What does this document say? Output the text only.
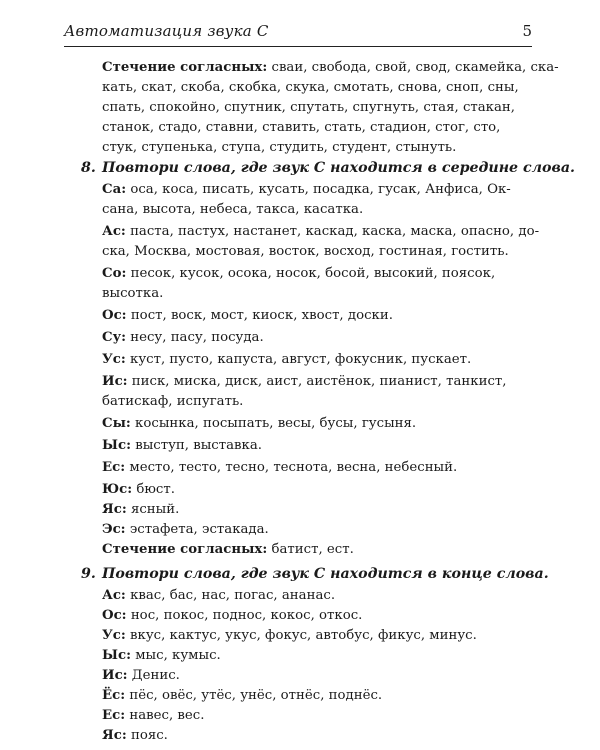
Автоматизация звука С	5
Стечение согласных: сваи, свобода, свой, свод, скамейка, ска-
кать, скат, скоба, скобка, скука, смотать, снова, сноп, сны,
спать, спокойно, спутник, спутать, спугнуть, стая, стакан,
станок, стадо, ставни, ставить, стать, стадион, стог, сто,
стук, ступенька, ступа, студить, студент, стынуть.
8. Повтори слова, где звук С находится в середине слова.
Са: оса, коса, писать, кусать, посадка, гусак, Анфиса, Ок-
сана, высота, небеса, такса, касатка.
Ас: паста, пастух, настанет, каскад, каска, маска, опасно, до-
ска, Москва, мостовая, восток, восход, гостиная, гостить.
Со: песок, кусок, осока, носок, босой, высокий, поясок,
высотка.
Ос: пост, воск, мост, киоск, хвост, доски.
Су: несу, пасу, посуда.
Ус: куст, пусто, капуста, август, фокусник, пускает.
Ис: писк, миска, диск, аист, аистёнок, пианист, танкист,
батискаф, испугать.
Сы: косынка, посыпать, весы, бусы, гусыня.
Ыс: выступ, выставка.
Ес: место, тесто, тесно, теснота, весна, небесный.
Юс: бюст.
Яс: ясный.
Эс: эстафета, эстакада.
Стечение согласных: батист, ест.
9. Повтори слова, где звук С находится в конце слова.
Ас: квас, бас, нас, погас, ананас.
Ос: нос, покос, поднос, кокос, откос.
Ус: вкус, кактус, укус, фокус, автобус, фикус, минус.
Ыс: мыс, кумыс.
Ис: Денис.
Ёс: пёс, овёс, утёс, унёс, отнёс, поднёс.
Ес: навес, вес.
Яс: пояс.
